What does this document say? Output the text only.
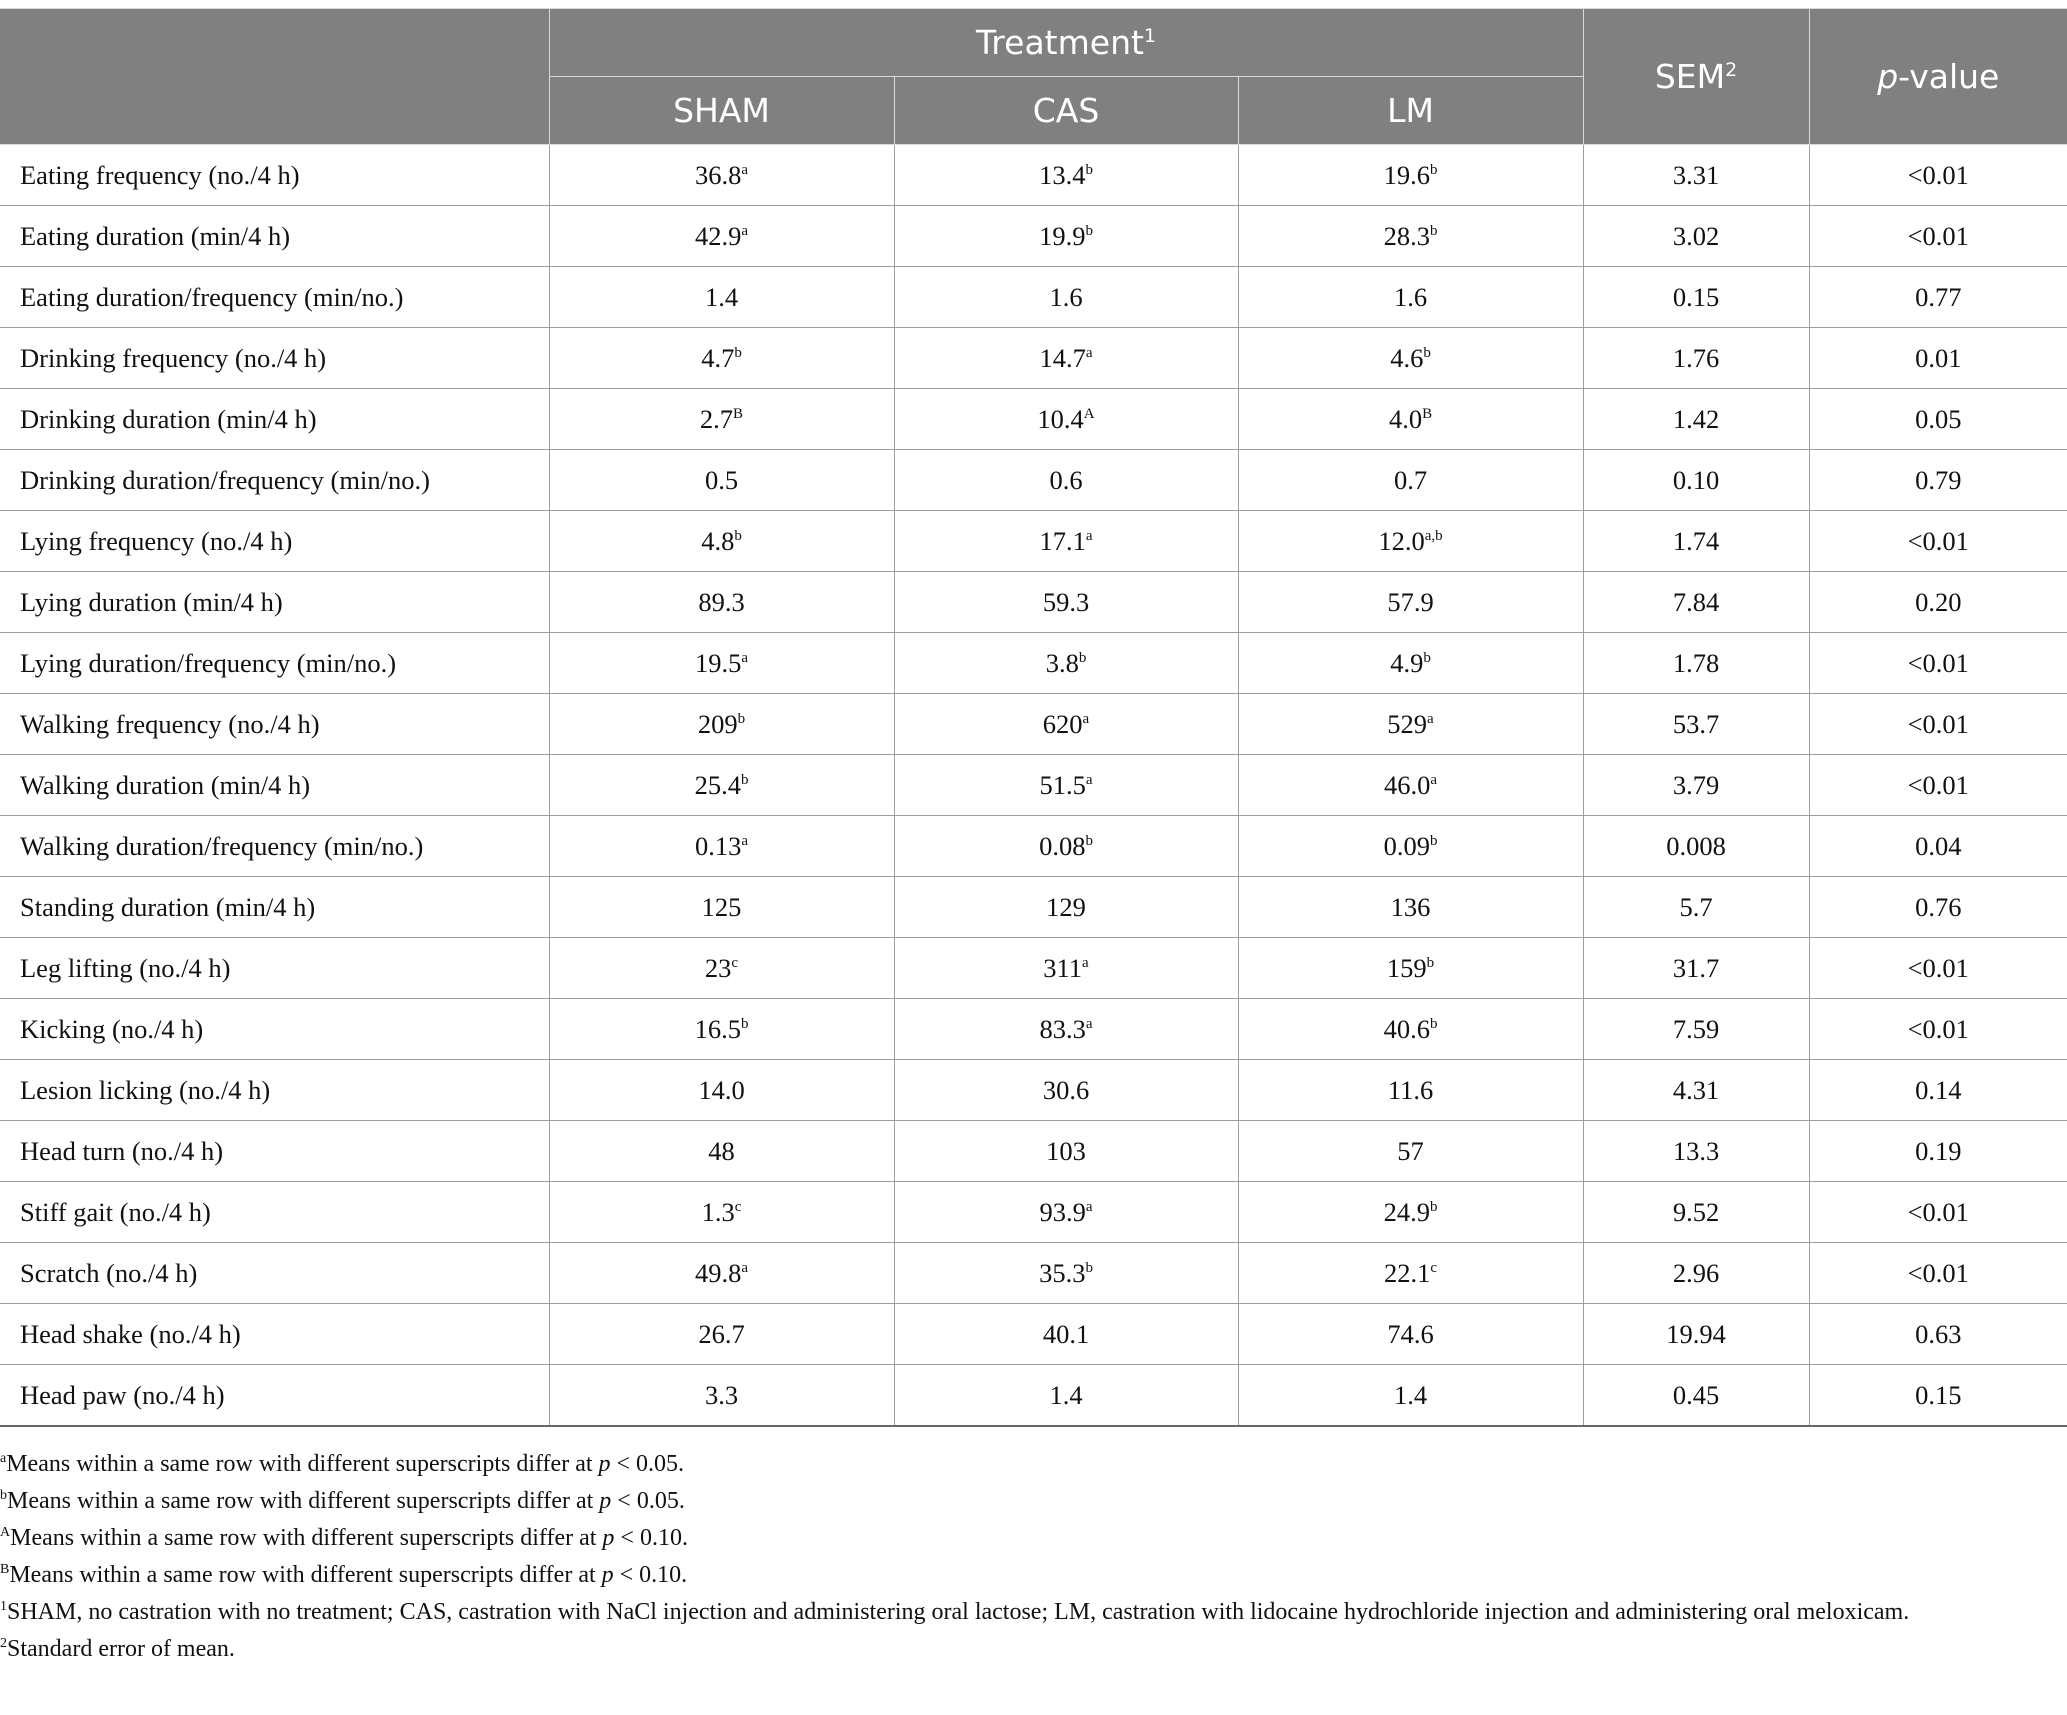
	Treatment$^1$			SEM$^2$	p-value
	SHAM	CAS	LM		
Eating frequency (no./4 h)	36.8$^a$	13.4$^b$	19.6$^b$	3.31	<0.01
Eating duration (min/4 h)	42.9$^a$	19.9$^b$	28.3$^b$	3.02	<0.01
Eating duration/frequency (min/no.)	1.4	1.6	1.6	0.15	0.77
Drinking frequency (no./4 h)	4.7$^b$	14.7$^a$	4.6$^b$	1.76	0.01
Drinking duration (min/4 h)	$2.7^B$	$10.4^A$	$4.0^B$	1.42	0.05
Drinking duration/frequency (min/no.)	0.5	0.6	0.7	0.10	0.79
Lying frequency (no./4 h)	4.8$^b$	17.1$^a$	12.0$^{a,b}$	1.74	<0.01
Lying duration (min/4 h)	89.3	59.3	57.9	7.84	0.20
Lying duration/frequency (min/no.)	19.5$^a$	3.8$^b$	4.9$^b$	1.78	<0.01
Walking frequency (no./4 h)	209$^b$	620$^a$	529$^a$	53.7	<0.01
Walking duration (min/4 h)	25.4$^b$	51.5$^a$	46.0$^a$	3.79	<0.01
Walking duration/frequency (min/no.)	0.13$^a$	0.08$^b$	0.09$^b$	0.008	0.04
Standing duration (min/4 h)	125	129	136	5.7	0.76
Leg lifting (no./4 h)	23$^c$	311$^a$	159$^b$	31.7	<0.01
Kicking (no./4 h)	16.5$^b$	83.3$^a$	40.6$^b$	7.59	<0.01
Lesion licking (no./4 h)	14.0	30.6	11.6	4.31	0.14
Head turn (no./4 h)	48	103	57	13.3	0.19
Stiff gait (no./4 h)	1.3$^c$	93.9$^a$	24.9$^b$	9.52	<0.01
Scratch (no./4 h)	49.8$^a$	35.3$^b$	22.1$^c$	2.96	<0.01
Head shake (no./4 h)	26.7	40.1	74.6	19.94	0.63
Head paw (no./4 h)	3.3	1.4	1.4	0.45	0.15

$^a$Means within a same row with different superscripts differ at p < 0.05.

$^b$Means within a same row with different superscripts differ at p < 0.05.

$^A$Means within a same row with different superscripts differ at p < 0.10.

$^B$Means within a same row with different superscripts differ at p < 0.10.

$^1$SHAM, no castration with no treatment; CAS, castration with NaCl injection and administering oral lactose; LM, castration with lidocaine hydrochloride injection and administering oral meloxicam.

$^2$Standard error of mean.
